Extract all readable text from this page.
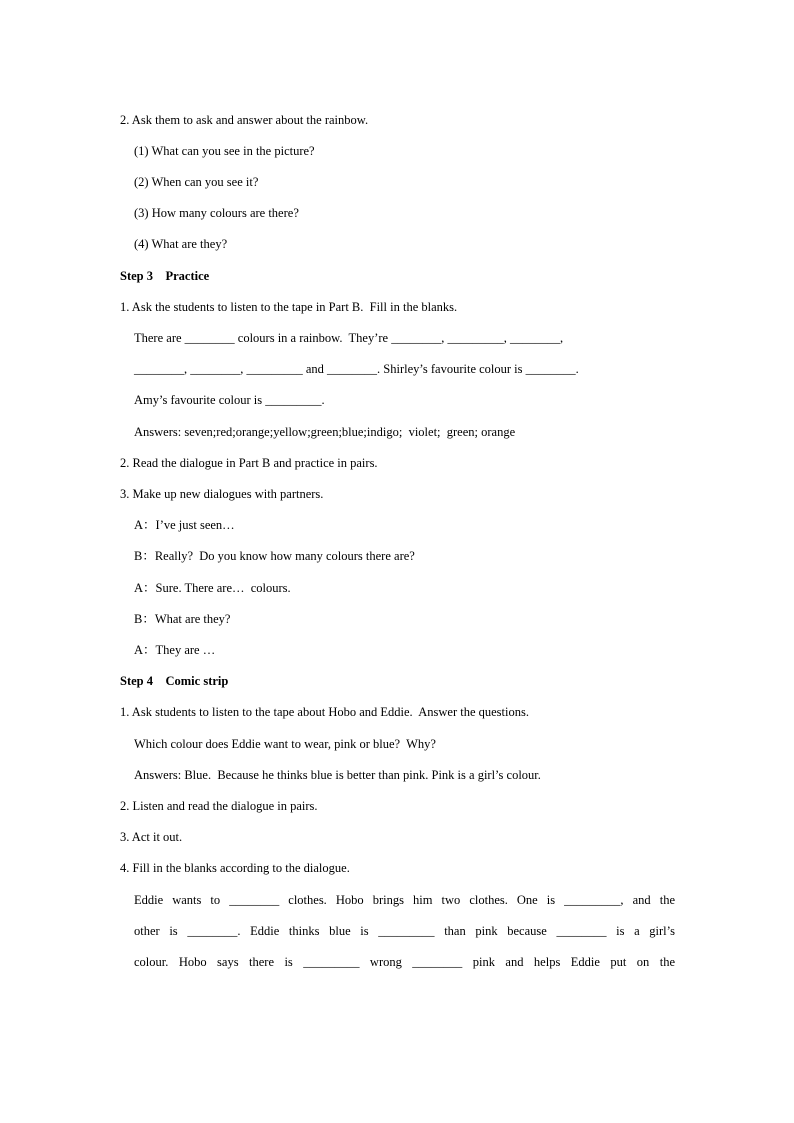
2. Ask them to ask and answer about the rainbow.
(1) What can you see in the picture?
(2) When can you see it?
(3) How many colours are there?
(4) What are they?
Step 3    Practice
1. Ask the students to listen to the tape in Part B.  Fill in the blanks.
There are ________ colours in a rainbow.  They’re ________, _________, ________,
________, ________, _________ and ________. Shirley’s favourite colour is ________.
Amy’s favourite colour is _________.
Answers: seven;red;orange;yellow;green;blue;indigo;  violet;  green; orange
2. Read the dialogue in Part B and practice in pairs.
3. Make up new dialogues with partners.
A：I’ve just seen…
B：Really?  Do you know how many colours there are?
A：Sure. There are…  colours.
B：What are they?
A：They are …
Step 4    Comic strip
1. Ask students to listen to the tape about Hobo and Eddie.  Answer the questions.
Which colour does Eddie want to wear, pink or blue?  Why?
Answers: Blue.  Because he thinks blue is better than pink. Pink is a girl’s colour.
2. Listen and read the dialogue in pairs.
3. Act it out.
4. Fill in the blanks according to the dialogue.
Eddie wants to ________ clothes. Hobo brings him two clothes. One is _________, and the
other is ________. Eddie thinks blue is _________ than pink because ________ is a girl’s
colour. Hobo says there is _________ wrong ________ pink and helps Eddie put on the
